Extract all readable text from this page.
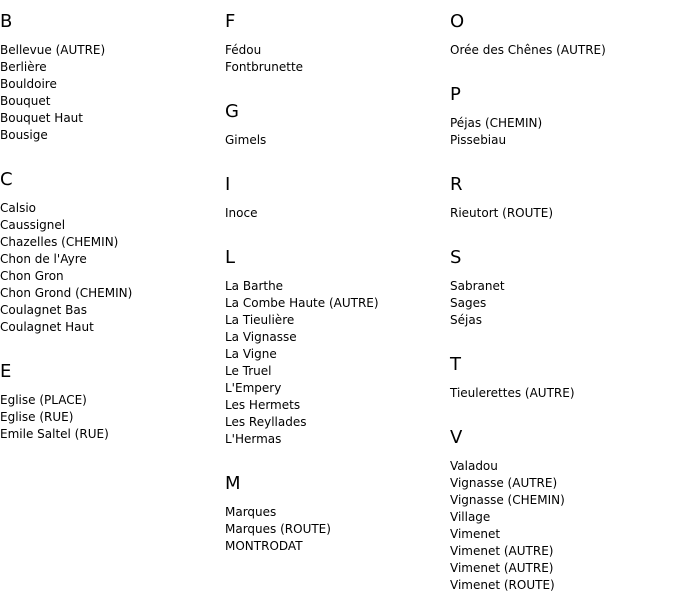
B
Bellevue (AUTRE)
Berlière
Bouldoire
Bouquet
Bouquet Haut
Bousige
C
Calsio
Caussignel
Chazelles (CHEMIN)
Chon de l'Ayre
Chon Gron
Chon Grond (CHEMIN)
Coulagnet Bas
Coulagnet Haut
E
Eglise (PLACE)
Eglise (RUE)
Emile Saltel (RUE)
F
Fédou
Fontbrunette
G
Gimels
I
Inoce
L
La Barthe
La Combe Haute (AUTRE)
La Tieulière
La Vignasse
La Vigne
Le Truel
L'Empery
Les Hermets
Les Reyllades
L'Hermas
M
Marques
Marques (ROUTE)
MONTRODAT
O
Orée des Chênes (AUTRE)
P
Péjas (CHEMIN)
Pissebiau
R
Rieutort (ROUTE)
S
Sabranet
Sages
Séjas
T
Tieulerettes (AUTRE)
V
Valadou
Vignasse (AUTRE)
Vignasse (CHEMIN)
Village
Vimenet
Vimenet (AUTRE)
Vimenet (AUTRE)
Vimenet (ROUTE)
